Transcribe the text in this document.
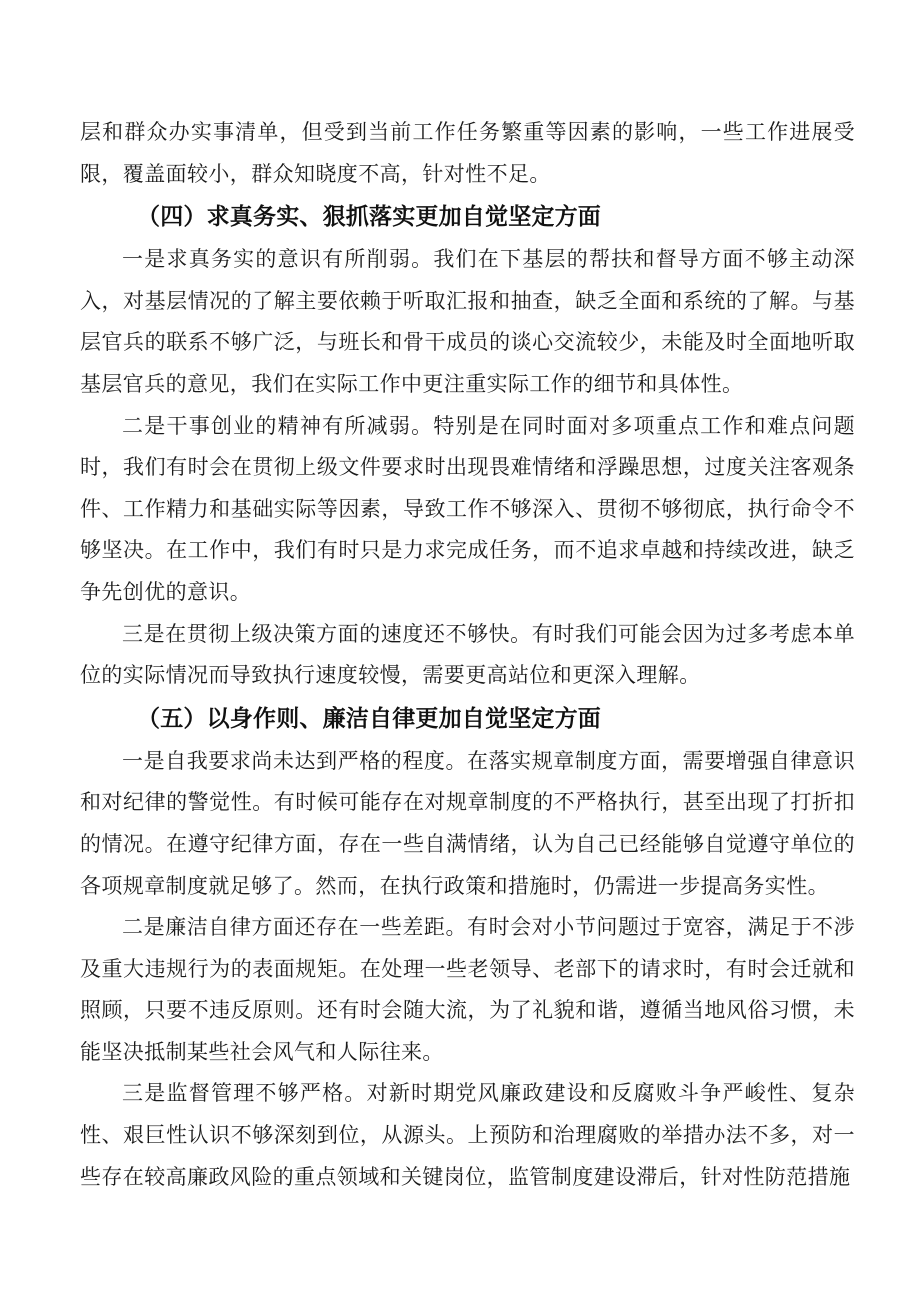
层和群众办实事清单，但受到当前工作任务繁重等因素的影响，一些工作进展受限，覆盖面较小，群众知晓度不高，针对性不足。

（四）求真务实、狠抓落实更加自觉坚定方面

一是求真务实的意识有所削弱。我们在下基层的帮扶和督导方面不够主动深入，对基层情况的了解主要依赖于听取汇报和抽查，缺乏全面和系统的了解。与基层官兵的联系不够广泛，与班长和骨干成员的谈心交流较少，未能及时全面地听取基层官兵的意见，我们在实际工作中更注重实际工作的细节和具体性。

二是干事创业的精神有所减弱。特别是在同时面对多项重点工作和难点问题时，我们有时会在贯彻上级文件要求时出现畏难情绪和浮躁思想，过度关注客观条件、工作精力和基础实际等因素，导致工作不够深入、贯彻不够彻底，执行命令不够坚决。在工作中，我们有时只是力求完成任务，而不追求卓越和持续改进，缺乏争先创优的意识。

三是在贯彻上级决策方面的速度还不够快。有时我们可能会因为过多考虑本单位的实际情况而导致执行速度较慢，需要更高站位和更深入理解。

（五）以身作则、廉洁自律更加自觉坚定方面

一是自我要求尚未达到严格的程度。在落实规章制度方面，需要增强自律意识和对纪律的警觉性。有时候可能存在对规章制度的不严格执行，甚至出现了打折扣的情况。在遵守纪律方面，存在一些自满情绪，认为自己已经能够自觉遵守单位的各项规章制度就足够了。然而，在执行政策和措施时，仍需进一步提高务实性。

二是廉洁自律方面还存在一些差距。有时会对小节问题过于宽容，满足于不涉及重大违规行为的表面规矩。在处理一些老领导、老部下的请求时，有时会迁就和照顾，只要不违反原则。还有时会随大流，为了礼貌和谐，遵循当地风俗习惯，未能坚决抵制某些社会风气和人际往来。

三是监督管理不够严格。对新时期党风廉政建设和反腐败斗争严峻性、复杂性、艰巨性认识不够深刻到位，从源头。上预防和治理腐败的举措办法不多，对一些存在较高廉政风险的重点领域和关键岗位，监管制度建设滞后，针对性防范措施
